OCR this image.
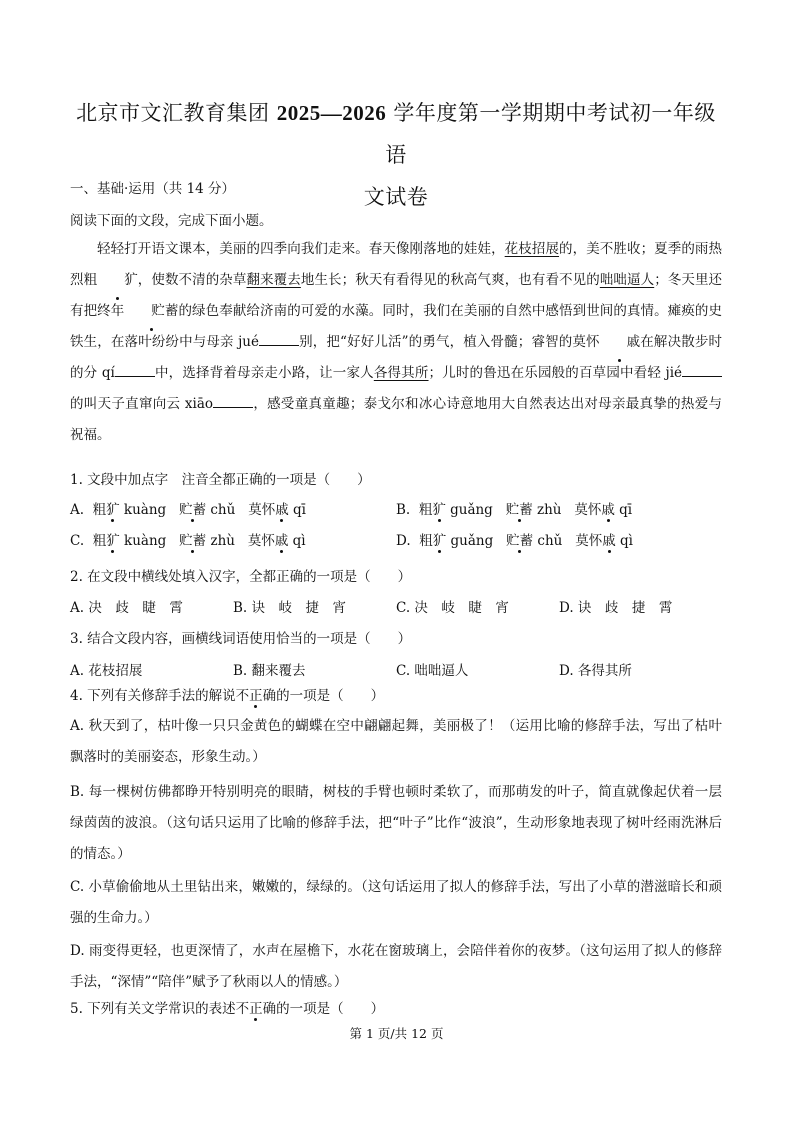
北京市文汇教育集团 2025—2026 学年度第一学期期中考试初一年级语
文试卷
一、基础·运用（共 14 分）
阅读下面的文段，完成下面小题。
轻轻打开语文课本，美丽的四季向我们走来。春天像刚落地的娃娃，花枝招展的，美不胜收；夏季的雨热烈粗 犷，使数不清的杂草翻来覆去地生长；秋天有看得见的秋高气爽，也有看不见的咄咄逼人；冬天里还有把终年 贮蓄的绿色奉献给济南的可爱的水藻。同时，我们在美丽的自然中感悟到世间的真情。瘫痪的史铁生，在落叶纷纷中与母亲 jué	别，把“好好儿活”的勇气，植入骨髓；睿智的莫怀 戚在解决散步时的分 qí	中，选择背着母亲走小路，让一家人各得其所；儿时的鲁迅在乐园般的百草园中看轻 jié的叫天子直窜向云 xiāo	，感受童真童趣；泰戈尔和冰心诗意地用大自然表达出对母亲最真挚的热爱与祝福。
1. 文段中加点字　注音全都正确的一项是（　　）
A. 粗犷 kuàng 贮蓄 chǔ 莫怀戚 qī	B. 粗犷 guǎng 贮蓄 zhù 莫怀戚 qī
C. 粗犷 kuàng 贮蓄 zhù 莫怀戚 qì	D. 粗犷 guǎng 贮蓄 chǔ 莫怀戚 qì
2. 在文段中横线处填入汉字，全都正确的一项是（　　）
A. 决　歧　睫　霄	B. 诀　岐　捷　宵	C. 决　岐　睫　宵	D. 诀　歧　捷　霄
3. 结合文段内容，画横线词语使用恰当的一项是（　　）
A. 花枝招展	B. 翻来覆去	C. 咄咄逼人	D. 各得其所
4. 下列有关修辞手法的解说不正确的一项是（　　）
A. 秋天到了，枯叶像一只只金黄色的蝴蝶在空中翩翩起舞，美丽极了！（运用比喻的修辞手法，写出了枯叶飘落时的美丽姿态，形象生动。）
B. 每一棵树仿佛都睁开特别明亮的眼睛，树枝的手臂也顿时柔软了，而那萌发的叶子，简直就像起伏着一层绿茵茵的波浪。（这句话只运用了比喻的修辞手法，把“叶子”比作“波浪”，生动形象地表现了树叶经雨洗淋后的情态。）
C. 小草偷偷地从土里钻出来，嫩嫩的，绿绿的。（这句话运用了拟人的修辞手法，写出了小草的潜滋暗长和顽强的生命力。）
D. 雨变得更轻，也更深情了，水声在屋檐下，水花在窗玻璃上，会陪伴着你的夜梦。（这句运用了拟人的修辞手法，“深情”“陪伴”赋予了秋雨以人的情感。）
5. 下列有关文学常识的表述不正确的一项是（　　）
第 1 页/共 12 页
